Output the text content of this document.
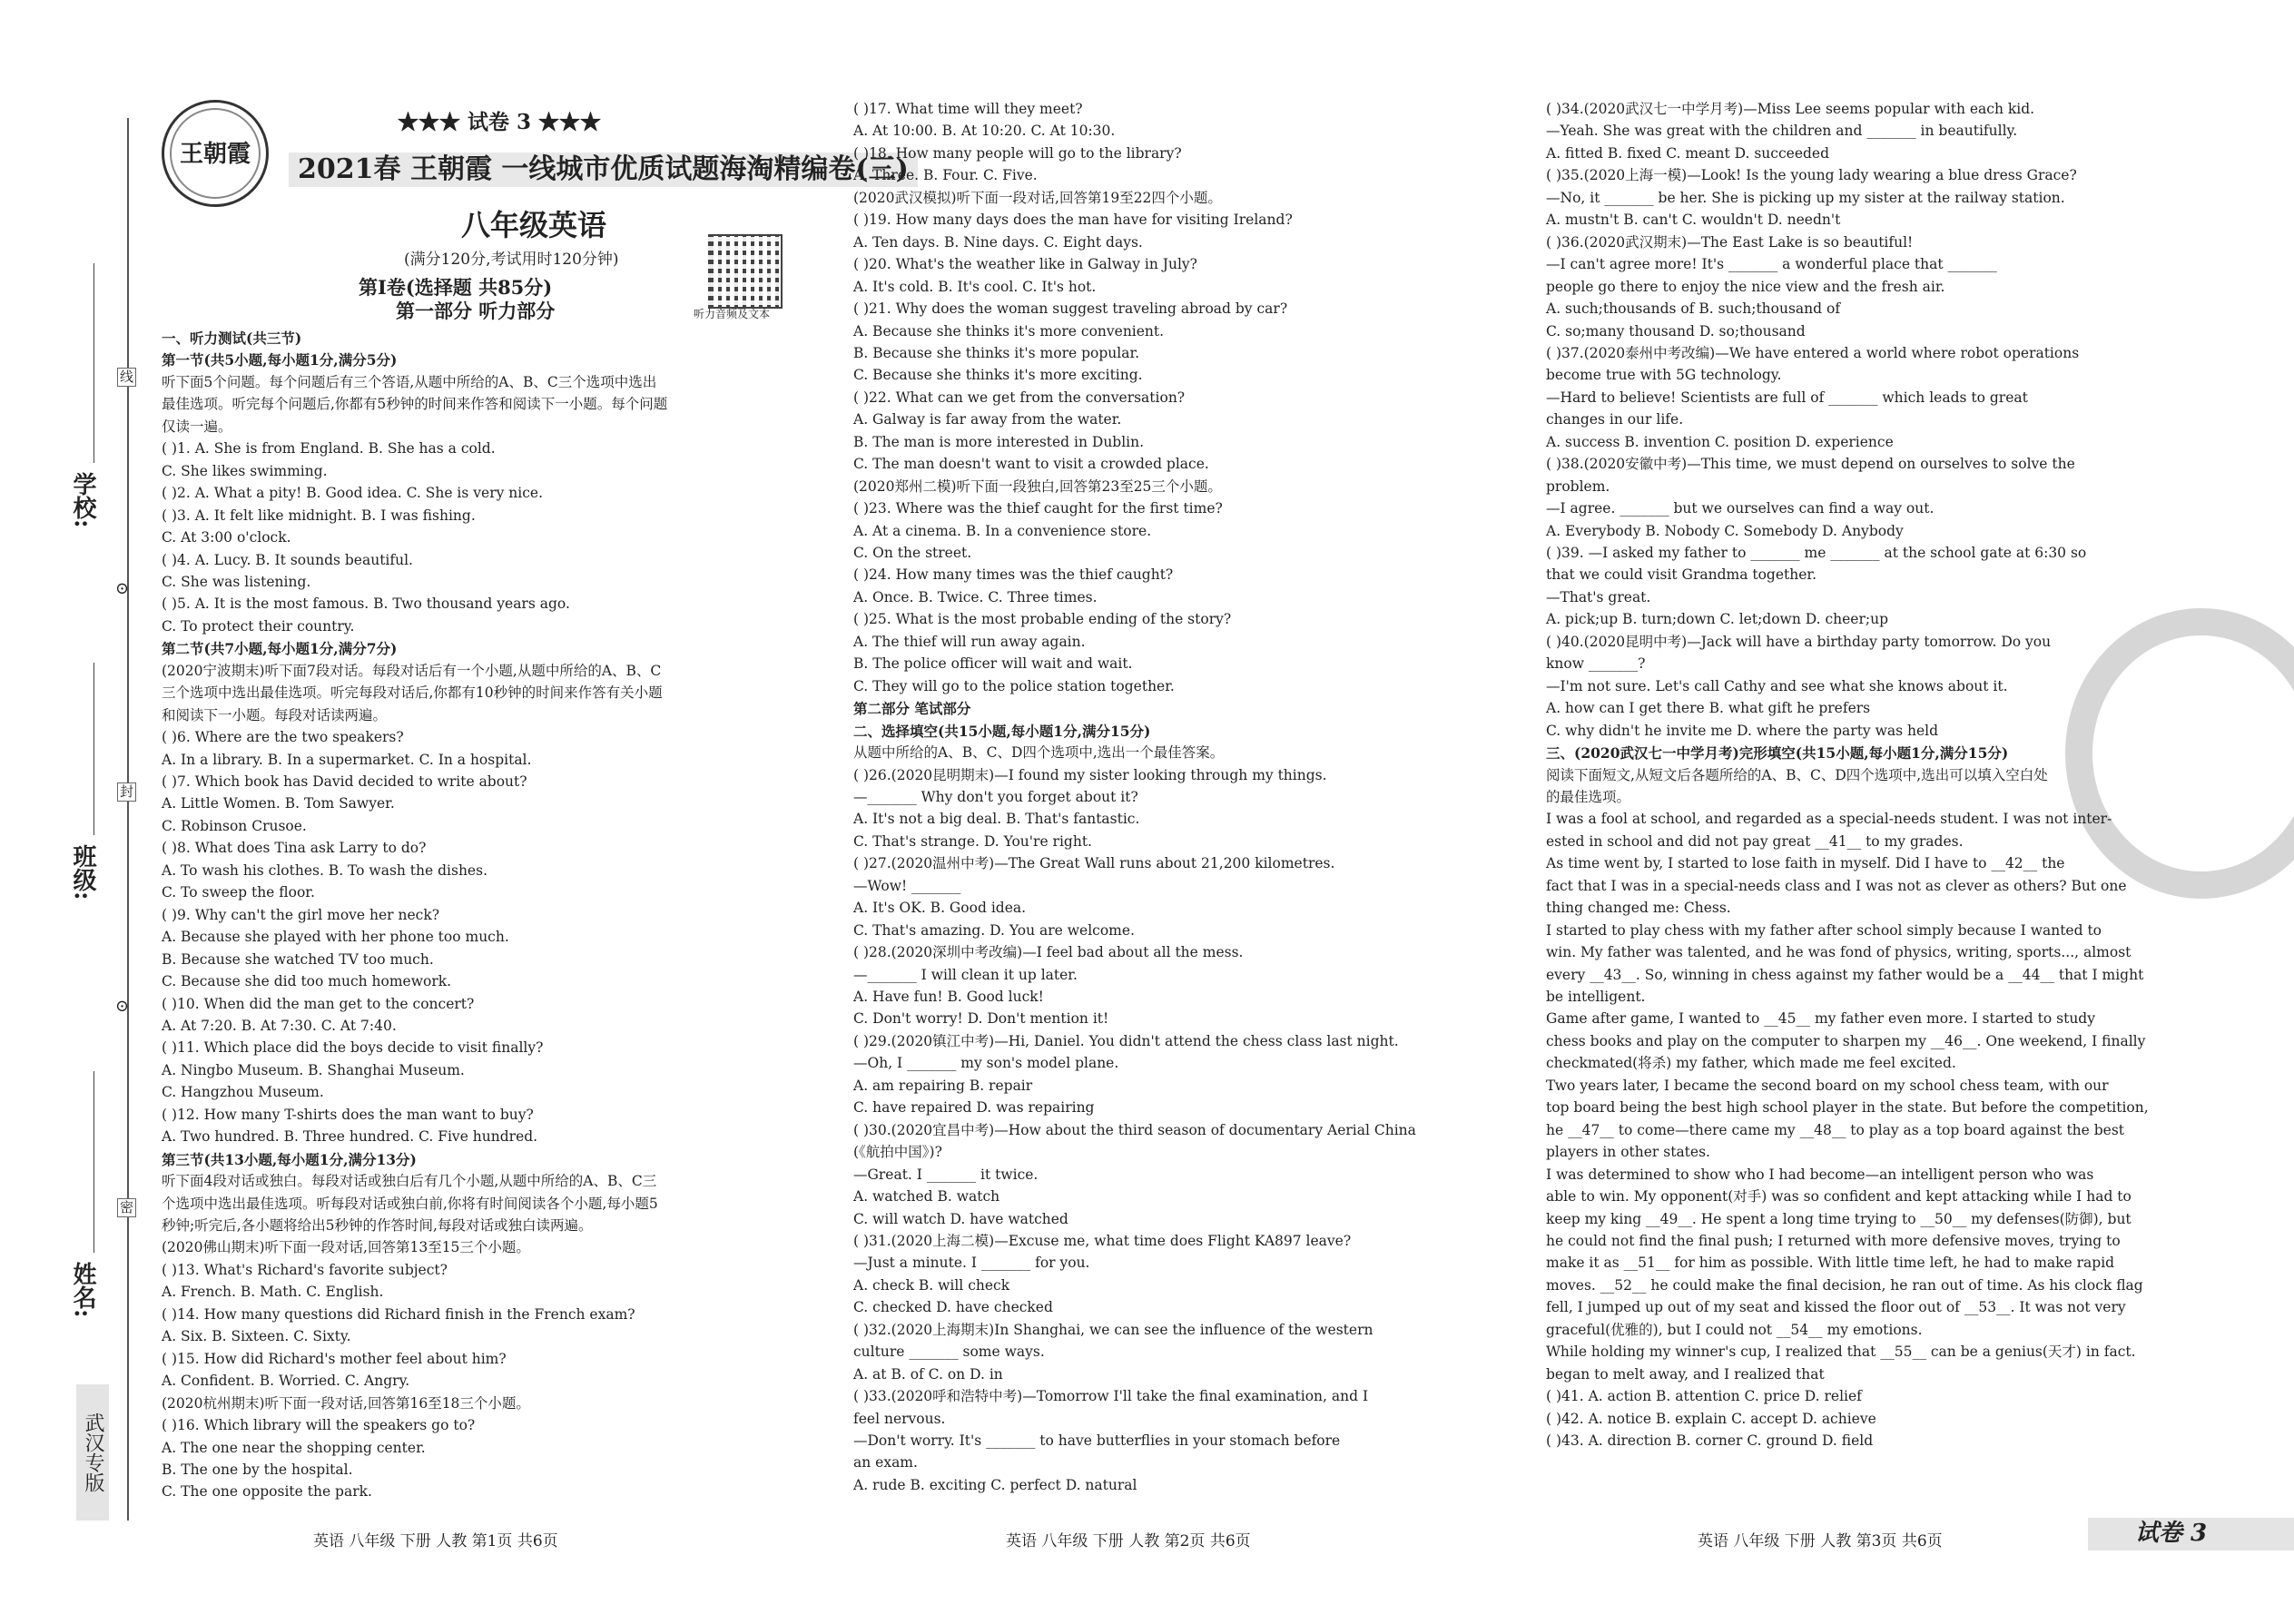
学校:
班级:
姓名:
线
封
密
⊙
⊙
武汉专版
王朝霞
★★★ 试卷 3 ★★★
2021春 王朝霞 一线城市优质试题海淘精编卷(三)
八年级英语
(满分120分,考试用时120分钟)
第Ⅰ卷(选择题 共85分)
第一部分 听力部分	听力音频及文本
一、听力测试(共三节)
第一节(共5小题,每小题1分,满分5分)
听下面5个问题。每个问题后有三个答语,从题中所给的A、B、C三个选项中选出
最佳选项。听完每个问题后,你都有5秒钟的时间来作答和阅读下一小题。每个问题
仅读一遍。
( )1. A. She is from England. B. She has a cold.
C. She likes swimming.
( )2. A. What a pity! B. Good idea. C. She is very nice.
( )3. A. It felt like midnight. B. I was fishing.
C. At 3:00 o'clock.
( )4. A. Lucy. B. It sounds beautiful.
C. She was listening.
( )5. A. It is the most famous. B. Two thousand years ago.
C. To protect their country.
第二节(共7小题,每小题1分,满分7分)
(2020宁波期末)听下面7段对话。每段对话后有一个小题,从题中所给的A、B、C
三个选项中选出最佳选项。听完每段对话后,你都有10秒钟的时间来作答有关小题
和阅读下一小题。每段对话读两遍。
( )6. Where are the two speakers?
A. In a library. B. In a supermarket. C. In a hospital.
( )7. Which book has David decided to write about?
A. Little Women. B. Tom Sawyer.
C. Robinson Crusoe.
( )8. What does Tina ask Larry to do?
A. To wash his clothes. B. To wash the dishes.
C. To sweep the floor.
( )9. Why can't the girl move her neck?
A. Because she played with her phone too much.
B. Because she watched TV too much.
C. Because she did too much homework.
( )10. When did the man get to the concert?
A. At 7:20. B. At 7:30. C. At 7:40.
( )11. Which place did the boys decide to visit finally?
A. Ningbo Museum. B. Shanghai Museum.
C. Hangzhou Museum.
( )12. How many T-shirts does the man want to buy?
A. Two hundred. B. Three hundred. C. Five hundred.
第三节(共13小题,每小题1分,满分13分)
听下面4段对话或独白。每段对话或独白后有几个小题,从题中所给的A、B、C三
个选项中选出最佳选项。听每段对话或独白前,你将有时间阅读各个小题,每小题5
秒钟;听完后,各小题将给出5秒钟的作答时间,每段对话或独白读两遍。
(2020佛山期末)听下面一段对话,回答第13至15三个小题。
( )13. What's Richard's favorite subject?
A. French. B. Math. C. English.
( )14. How many questions did Richard finish in the French exam?
A. Six. B. Sixteen. C. Sixty.
( )15. How did Richard's mother feel about him?
A. Confident. B. Worried. C. Angry.
(2020杭州期末)听下面一段对话,回答第16至18三个小题。
( )16. Which library will the speakers go to?
A. The one near the shopping center.
B. The one by the hospital.
C. The one opposite the park.
( )17. What time will they meet?
A. At 10:00. B. At 10:20. C. At 10:30.
( )18. How many people will go to the library?
A. Three. B. Four. C. Five.
(2020武汉模拟)听下面一段对话,回答第19至22四个小题。
( )19. How many days does the man have for visiting Ireland?
A. Ten days. B. Nine days. C. Eight days.
( )20. What's the weather like in Galway in July?
A. It's cold. B. It's cool. C. It's hot.
( )21. Why does the woman suggest traveling abroad by car?
A. Because she thinks it's more convenient.
B. Because she thinks it's more popular.
C. Because she thinks it's more exciting.
( )22. What can we get from the conversation?
A. Galway is far away from the water.
B. The man is more interested in Dublin.
C. The man doesn't want to visit a crowded place.
(2020郑州二模)听下面一段独白,回答第23至25三个小题。
( )23. Where was the thief caught for the first time?
A. At a cinema. B. In a convenience store.
C. On the street.
( )24. How many times was the thief caught?
A. Once. B. Twice. C. Three times.
( )25. What is the most probable ending of the story?
A. The thief will run away again.
B. The police officer will wait and wait.
C. They will go to the police station together.
第二部分 笔试部分
二、选择填空(共15小题,每小题1分,满分15分)
从题中所给的A、B、C、D四个选项中,选出一个最佳答案。
( )26.(2020昆明期末)—I found my sister looking through my things.
—_______ Why don't you forget about it?
A. It's not a big deal. B. That's fantastic.
C. That's strange. D. You're right.
( )27.(2020温州中考)—The Great Wall runs about 21,200 kilometres.
—Wow! _______
A. It's OK. B. Good idea.
C. That's amazing. D. You are welcome.
( )28.(2020深圳中考改编)—I feel bad about all the mess.
—_______ I will clean it up later.
A. Have fun! B. Good luck!
C. Don't worry! D. Don't mention it!
( )29.(2020镇江中考)—Hi, Daniel. You didn't attend the chess class last night.
—Oh, I _______ my son's model plane.
A. am repairing B. repair
C. have repaired D. was repairing
( )30.(2020宜昌中考)—How about the third season of documentary Aerial China
(《航拍中国》)?
—Great. I _______ it twice.
A. watched B. watch
C. will watch D. have watched
( )31.(2020上海二模)—Excuse me, what time does Flight KA897 leave?
—Just a minute. I _______ for you.
A. check B. will check
C. checked D. have checked
( )32.(2020上海期末)In Shanghai, we can see the influence of the western
culture _______ some ways.
A. at B. of C. on D. in
( )33.(2020呼和浩特中考)—Tomorrow I'll take the final examination, and I
feel nervous.
—Don't worry. It's _______ to have butterflies in your stomach before
an exam.
A. rude B. exciting C. perfect D. natural
( )34.(2020武汉七一中学月考)—Miss Lee seems popular with each kid.
—Yeah. She was great with the children and _______ in beautifully.
A. fitted B. fixed C. meant D. succeeded
( )35.(2020上海一模)—Look! Is the young lady wearing a blue dress Grace?
—No, it _______ be her. She is picking up my sister at the railway station.
A. mustn't B. can't C. wouldn't D. needn't
( )36.(2020武汉期末)—The East Lake is so beautiful!
—I can't agree more! It's _______ a wonderful place that _______
people go there to enjoy the nice view and the fresh air.
A. such;thousands of B. such;thousand of
C. so;many thousand D. so;thousand
( )37.(2020泰州中考改编)—We have entered a world where robot operations
become true with 5G technology.
—Hard to believe! Scientists are full of _______ which leads to great
changes in our life.
A. success B. invention C. position D. experience
( )38.(2020安徽中考)—This time, we must depend on ourselves to solve the
problem.
—I agree. _______ but we ourselves can find a way out.
A. Everybody B. Nobody C. Somebody D. Anybody
( )39. —I asked my father to _______ me _______ at the school gate at 6:30 so
that we could visit Grandma together.
—That's great.
A. pick;up B. turn;down C. let;down D. cheer;up
( )40.(2020昆明中考)—Jack will have a birthday party tomorrow. Do you
know _______?
—I'm not sure. Let's call Cathy and see what she knows about it.
A. how can I get there B. what gift he prefers
C. why didn't he invite me D. where the party was held
三、(2020武汉七一中学月考)完形填空(共15小题,每小题1分,满分15分)
阅读下面短文,从短文后各题所给的A、B、C、D四个选项中,选出可以填入空白处
的最佳选项。
I was a fool at school, and regarded as a special-needs student. I was not inter-
ested in school and did not pay great __41__ to my grades.
As time went by, I started to lose faith in myself. Did I have to __42__ the
fact that I was in a special-needs class and I was not as clever as others? But one
thing changed me: Chess.
I started to play chess with my father after school simply because I wanted to
win. My father was talented, and he was fond of physics, writing, sports..., almost
every __43__. So, winning in chess against my father would be a __44__ that I might
be intelligent.
Game after game, I wanted to __45__ my father even more. I started to study
chess books and play on the computer to sharpen my __46__. One weekend, I finally
checkmated(将杀) my father, which made me feel excited.
Two years later, I became the second board on my school chess team, with our
top board being the best high school player in the state. But before the competition,
he __47__ to come—there came my __48__ to play as a top board against the best
players in other states.
I was determined to show who I had become—an intelligent person who was
able to win. My opponent(对手) was so confident and kept attacking while I had to
keep my king __49__. He spent a long time trying to __50__ my defenses(防御), but
he could not find the final push; I returned with more defensive moves, trying to
make it as __51__ for him as possible. With little time left, he had to make rapid
moves. __52__ he could make the final decision, he ran out of time. As his clock flag
fell, I jumped up out of my seat and kissed the floor out of __53__. It was not very
graceful(优雅的), but I could not __54__ my emotions.
While holding my winner's cup, I realized that __55__ can be a genius(天才) in fact.
began to melt away, and I realized that
( )41. A. action B. attention C. price D. relief
( )42. A. notice B. explain C. accept D. achieve
( )43. A. direction B. corner C. ground D. field
英语 八年级 下册 人教 第1页 共6页	英语 八年级 下册 人教 第2页 共6页	英语 八年级 下册 人教 第3页 共6页	试卷 3
